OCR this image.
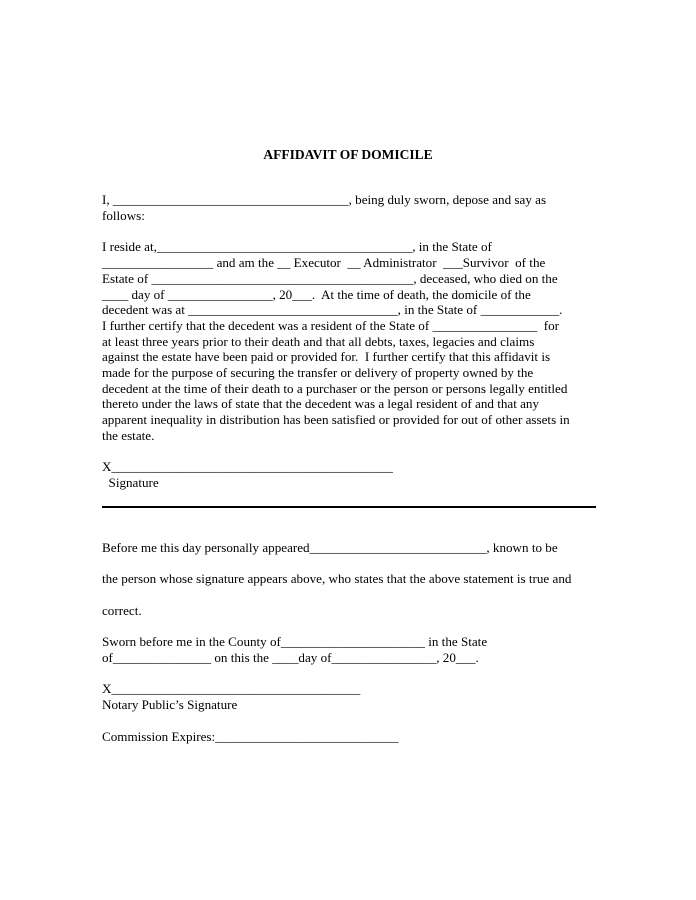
AFFIDAVIT OF DOMICILE
I, ____________________________________, being duly sworn, depose and say as
follows:
I reside at,_______________________________________, in the State of
_________________ and am the __ Executor  __ Administrator  ___Survivor  of the
Estate of ________________________________________, deceased, who died on the
____ day of ________________, 20___.  At the time of death, the domicile of the
decedent was at ________________________________, in the State of ____________.
I further certify that the decedent was a resident of the State of ________________  for
at least three years prior to their death and that all debts, taxes, legacies and claims
against the estate have been paid or provided for.  I further certify that this affidavit is
made for the purpose of securing the transfer or delivery of property owned by the
decedent at the time of their death to a purchaser or the person or persons legally entitled
thereto under the laws of state that the decedent was a legal resident of and that any
apparent inequality in distribution has been satisfied or provided for out of other assets in
the estate.
X___________________________________________
Signature
Before me this day personally appeared___________________________, known to be
the person whose signature appears above, who states that the above statement is true and
correct.
Sworn before me in the County of______________________ in the State
of_______________ on this the ____day of________________, 20___.
X______________________________________
Notary Public’s Signature
Commission Expires:____________________________
